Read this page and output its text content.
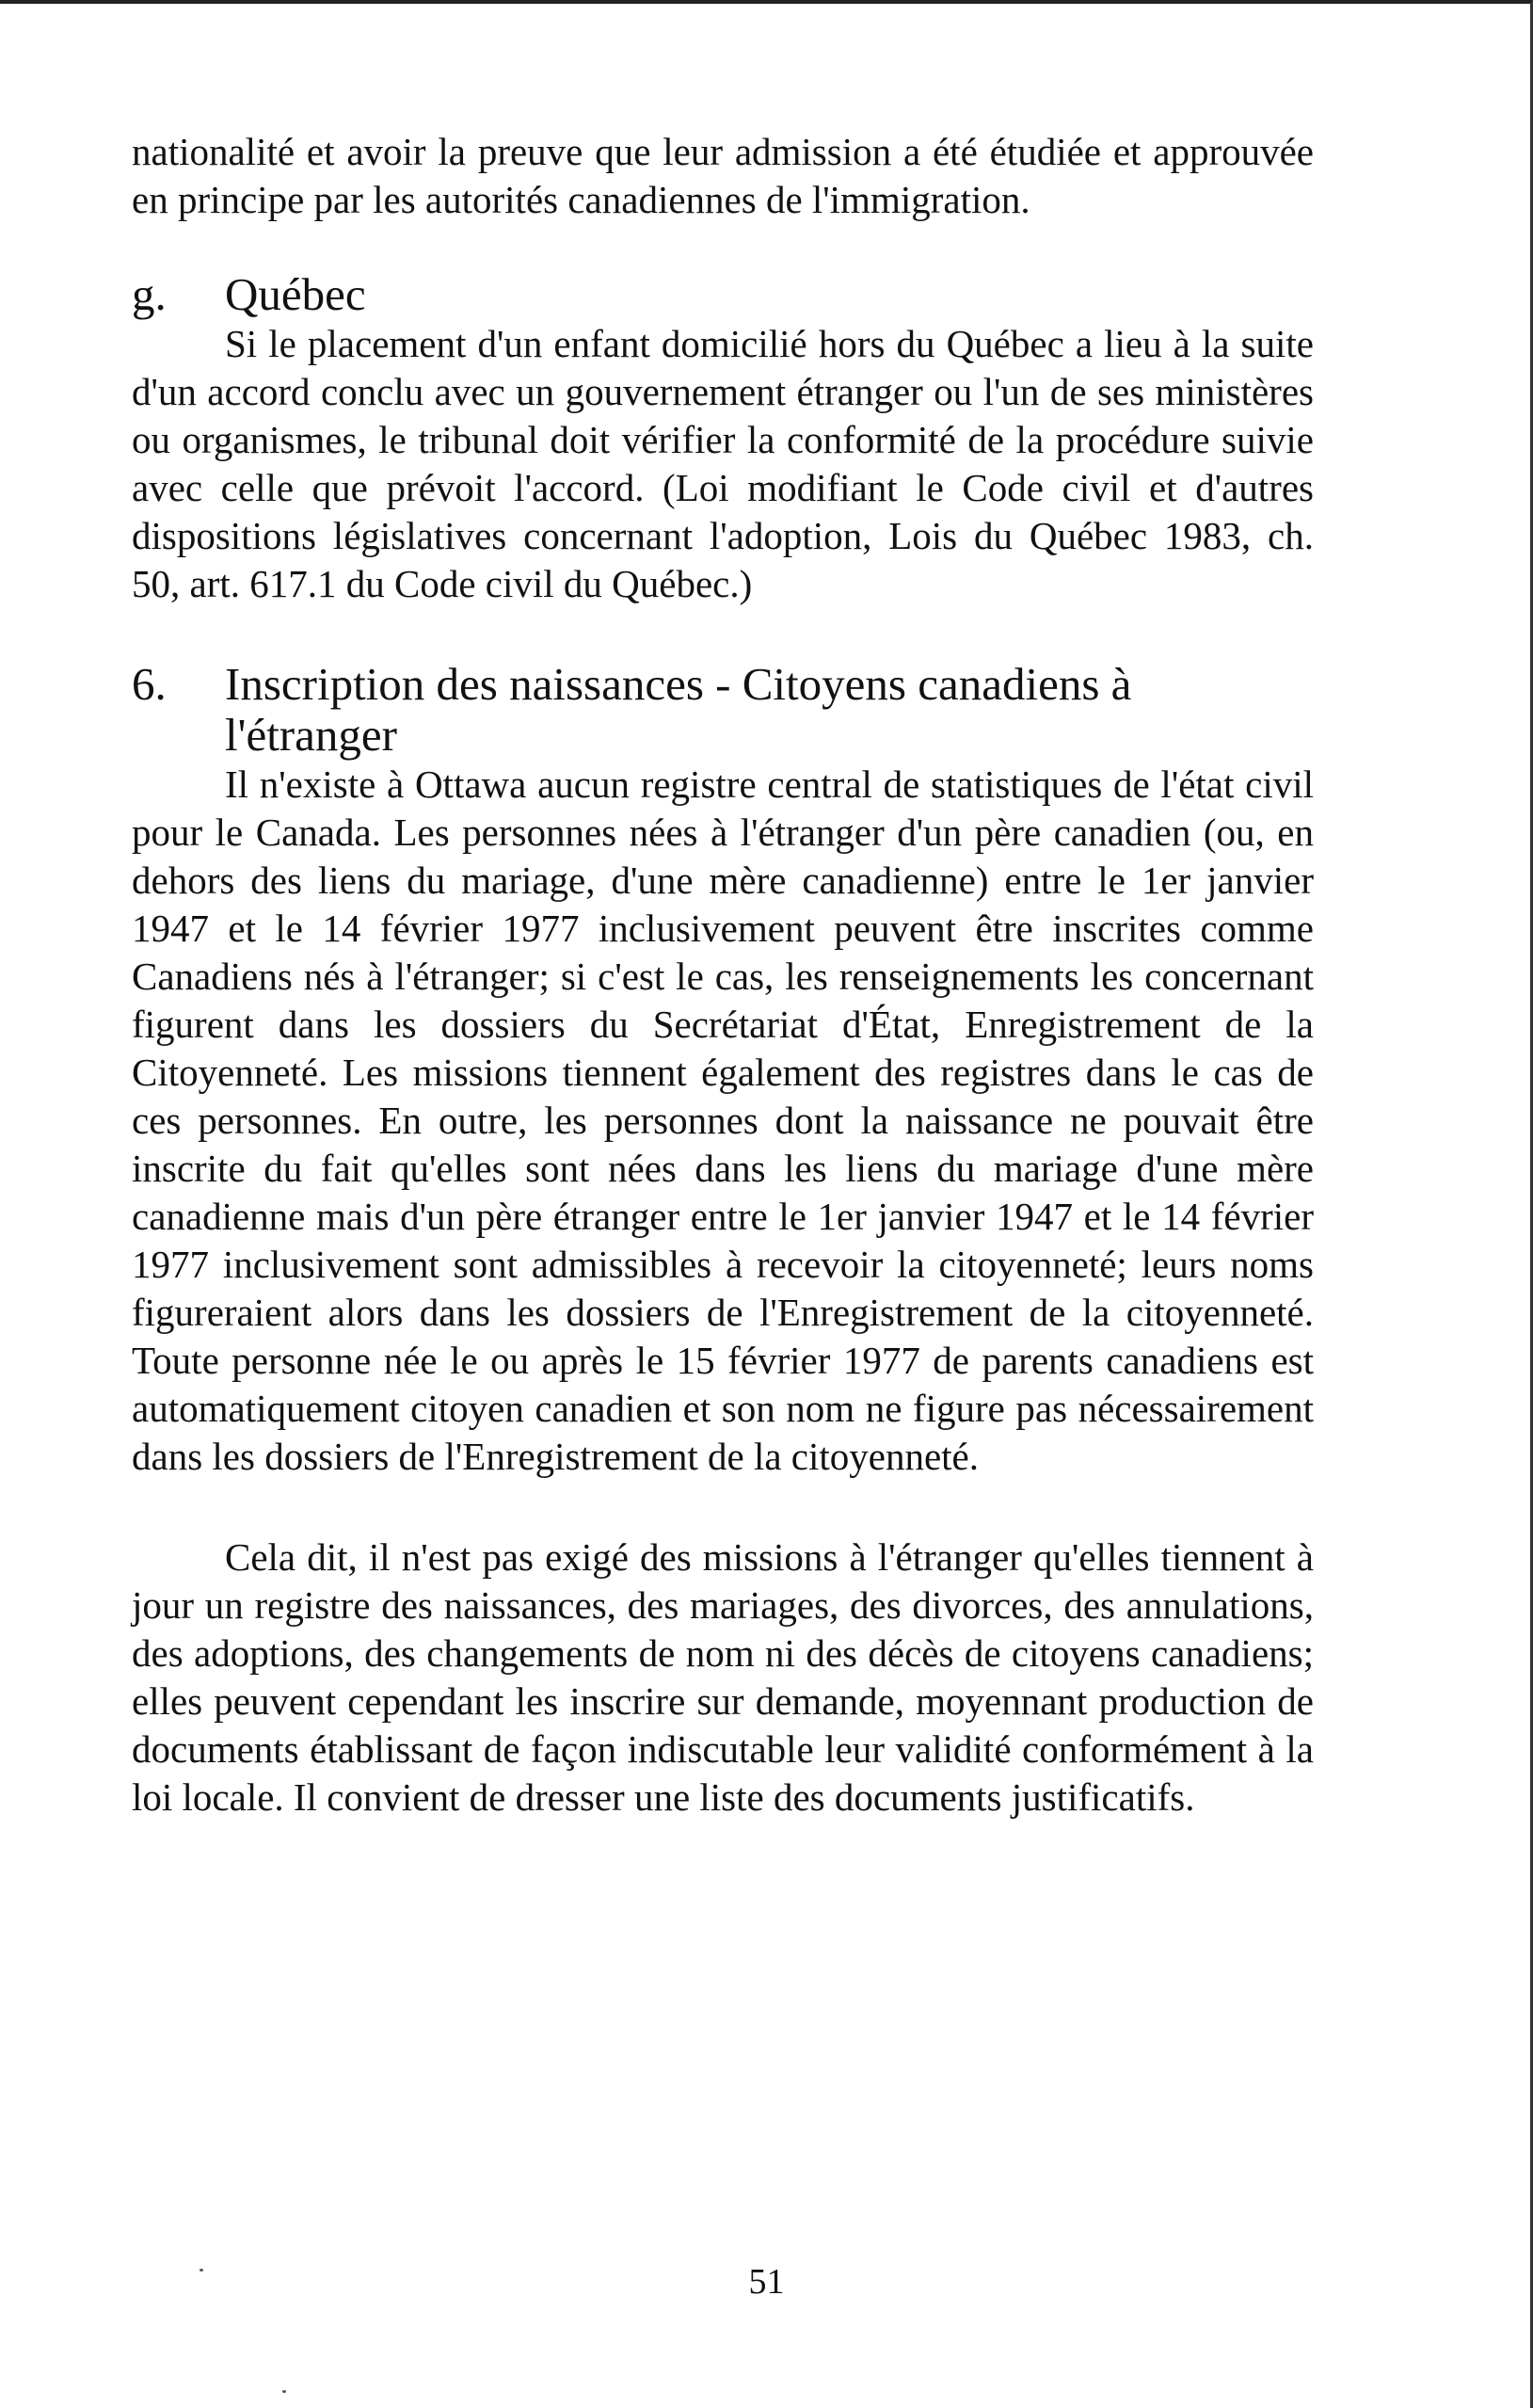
nationalité et avoir la preuve que leur admission a été étudiée et approuvée en principe par les autorités canadiennes de l'immigration.

g.	Québec

Si le placement d'un enfant domicilié hors du Québec a lieu à la suite d'un accord conclu avec un gouvernement étranger ou l'un de ses ministères ou organismes, le tribunal doit vérifier la conformité de la procédure suivie avec celle que prévoit l'accord. (Loi modifiant le Code civil et d'autres dispositions législatives concernant l'adoption, Lois du Québec 1983, ch. 50, art. 617.1 du Code civil du Québec.)

6.	Inscription des naissances - Citoyens canadiens à l'étranger

Il n'existe à Ottawa aucun registre central de statistiques de l'état civil pour le Canada. Les personnes nées à l'étranger d'un père canadien (ou, en dehors des liens du mariage, d'une mère canadienne) entre le 1er janvier 1947 et le 14 février 1977 inclusivement peuvent être inscrites comme Canadiens nés à l'étranger; si c'est le cas, les renseignements les concernant figurent dans les dossiers du Secrétariat d'État, Enregistrement de la Citoyenneté. Les missions tiennent également des registres dans le cas de ces personnes. En outre, les personnes dont la naissance ne pouvait être inscrite du fait qu'elles sont nées dans les liens du mariage d'une mère canadienne mais d'un père étranger entre le 1er janvier 1947 et le 14 février 1977 inclusivement sont admissibles à recevoir la citoyenneté; leurs noms figureraient alors dans les dossiers de l'Enregistrement de la citoyenneté. Toute personne née le ou après le 15 février 1977 de parents canadiens est automatiquement citoyen canadien et son nom ne figure pas nécessairement dans les dossiers de l'Enregistrement de la citoyenneté.

Cela dit, il n'est pas exigé des missions à l'étranger qu'elles tiennent à jour un registre des naissances, des mariages, des divorces, des annulations, des adoptions, des changements de nom ni des décès de citoyens canadiens; elles peuvent cependant les inscrire sur demande, moyennant production de documents établissant de façon indiscutable leur validité conformément à la loi locale. Il convient de dresser une liste des documents justificatifs.

51
